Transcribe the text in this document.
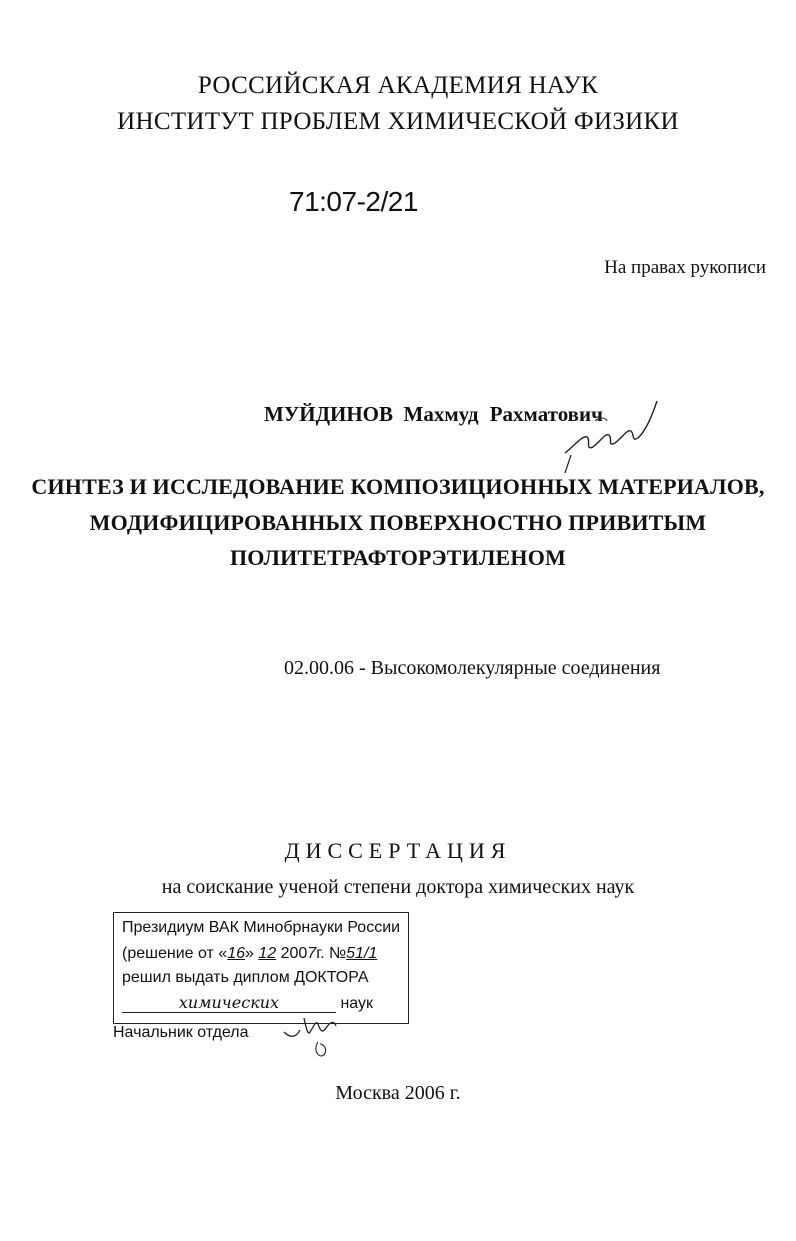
РОССИЙСКАЯ АКАДЕМИЯ НАУК
ИНСТИТУТ ПРОБЛЕМ ХИМИЧЕСКОЙ ФИЗИКИ
71:07-2/21
На правах рукописи
МУЙДИНОВ Махмуд Рахматович
СИНТЕЗ И ИССЛЕДОВАНИЕ КОМПОЗИЦИОННЫХ МАТЕРИАЛОВ,
МОДИФИЦИРОВАННЫХ ПОВЕРХНОСТНО ПРИВИТЫМ
ПОЛИТЕТРАФТОРЭТИЛЕНОМ
02.00.06 - Высокомолекулярные соединения
ДИССЕРТАЦИЯ
на соискание ученой степени доктора химических наук
Президиум ВАК Минобрнауки России
(решение от «16» 12 2007г. №51/1
решил выдать диплом ДОКТОРА
химических	наук
Начальник отдела
Москва 2006 г.
